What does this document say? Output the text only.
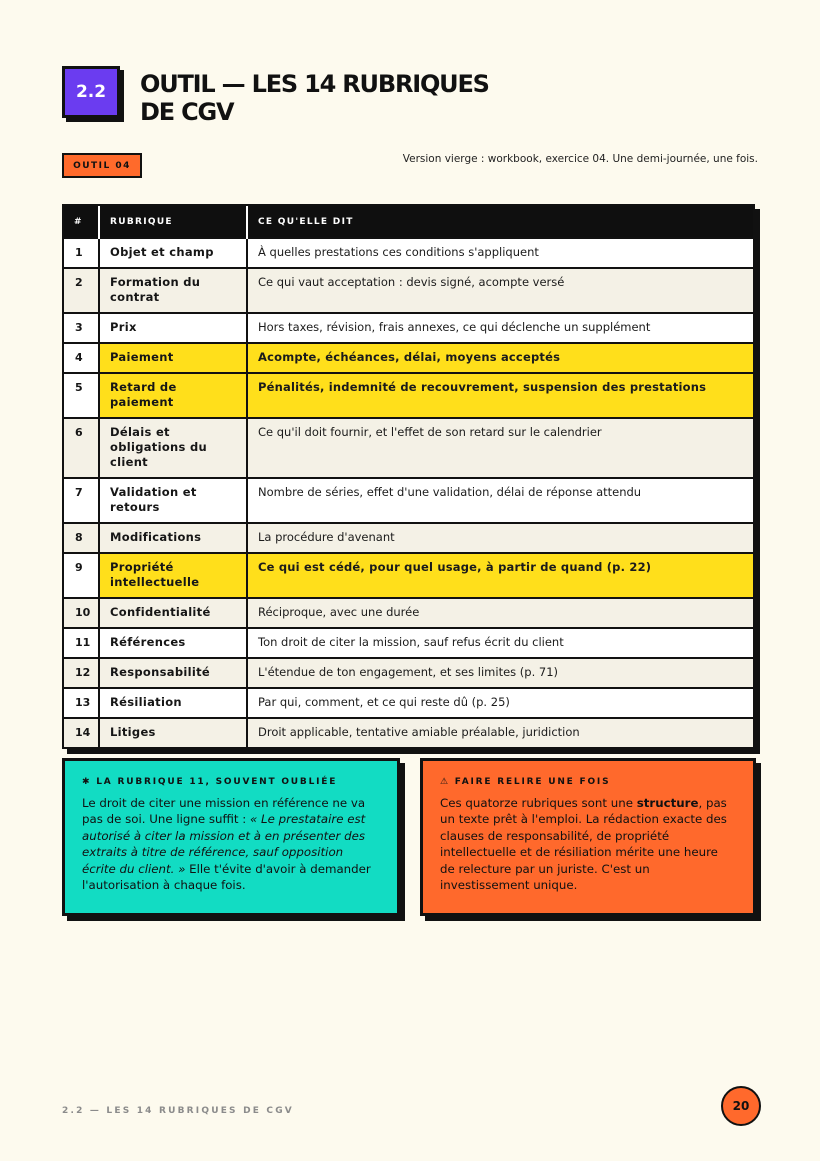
2.2 OUTIL — LES 14 RUBRIQUES DE CGV
OUTIL 04
Version vierge : workbook, exercice 04. Une demi-journée, une fois.
#	RUBRIQUE	CE QU'ELLE DIT
1	Objet et champ	À quelles prestations ces conditions s'appliquent
2	Formation du contrat	Ce qui vaut acceptation : devis signé, acompte versé
3	Prix	Hors taxes, révision, frais annexes, ce qui déclenche un supplément
4	Paiement	Acompte, échéances, délai, moyens acceptés
5	Retard de paiement	Pénalités, indemnité de recouvrement, suspension des prestations
6	Délais et obligations du client	Ce qu'il doit fournir, et l'effet de son retard sur le calendrier
7	Validation et retours	Nombre de séries, effet d'une validation, délai de réponse attendu
8	Modifications	La procédure d'avenant
9	Propriété intellectuelle	Ce qui est cédé, pour quel usage, à partir de quand (p. 22)
10	Confidentialité	Réciproque, avec une durée
11	Références	Ton droit de citer la mission, sauf refus écrit du client
12	Responsabilité	L'étendue de ton engagement, et ses limites (p. 71)
13	Résiliation	Par qui, comment, et ce qui reste dû (p. 25)
14	Litiges	Droit applicable, tentative amiable préalable, juridiction
✱ LA RUBRIQUE 11, SOUVENT OUBLIÉE

Le droit de citer une mission en référence ne va pas de soi. Une ligne suffit : « Le prestataire est autorisé à citer la mission et à en présenter des extraits à titre de référence, sauf opposition écrite du client. » Elle t'évite d'avoir à demander l'autorisation à chaque fois.

⚠ FAIRE RELIRE UNE FOIS

Ces quatorze rubriques sont une structure, pas un texte prêt à l'emploi. La rédaction exacte des clauses de responsabilité, de propriété intellectuelle et de résiliation mérite une heure de relecture par un juriste. C'est un investissement unique.

2.2 — LES 14 RUBRIQUES DE CGV	20
